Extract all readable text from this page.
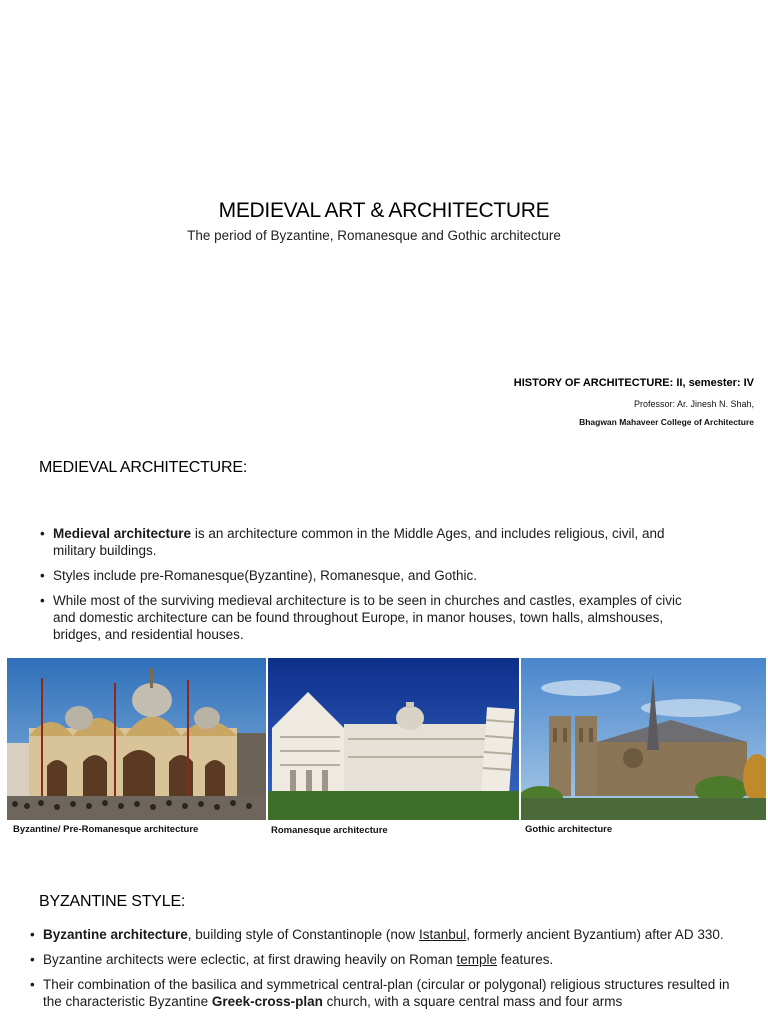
MEDIEVAL ART & ARCHITECTURE
The period of Byzantine, Romanesque and Gothic architecture
HISTORY OF ARCHITECTURE: II, semester: IV
Professor: Ar. Jinesh N. Shah,
Bhagwan Mahaveer College of Architecture
MEDIEVAL ARCHITECTURE:
• Medieval architecture is an architecture common in the Middle Ages, and includes religious, civil, and military buildings.
• Styles include pre-Romanesque(Byzantine), Romanesque, and Gothic.
• While most of the surviving medieval architecture is to be seen in churches and castles, examples of civic and domestic architecture can be found throughout Europe, in manor houses, town halls, almshouses, bridges, and residential houses.
Byzantine/ Pre-Romanesque architecture	Romanesque architecture	Gothic architecture
BYZANTINE STYLE:
• Byzantine architecture, building style of Constantinople (now Istanbul, formerly ancient Byzantium) after AD 330.
• Byzantine architects were eclectic, at first drawing heavily on Roman temple features.
• Their combination of the basilica and symmetrical central-plan (circular or polygonal) religious structures resulted in the characteristic Byzantine Greek-cross-plan church, with a square central mass and four arms
